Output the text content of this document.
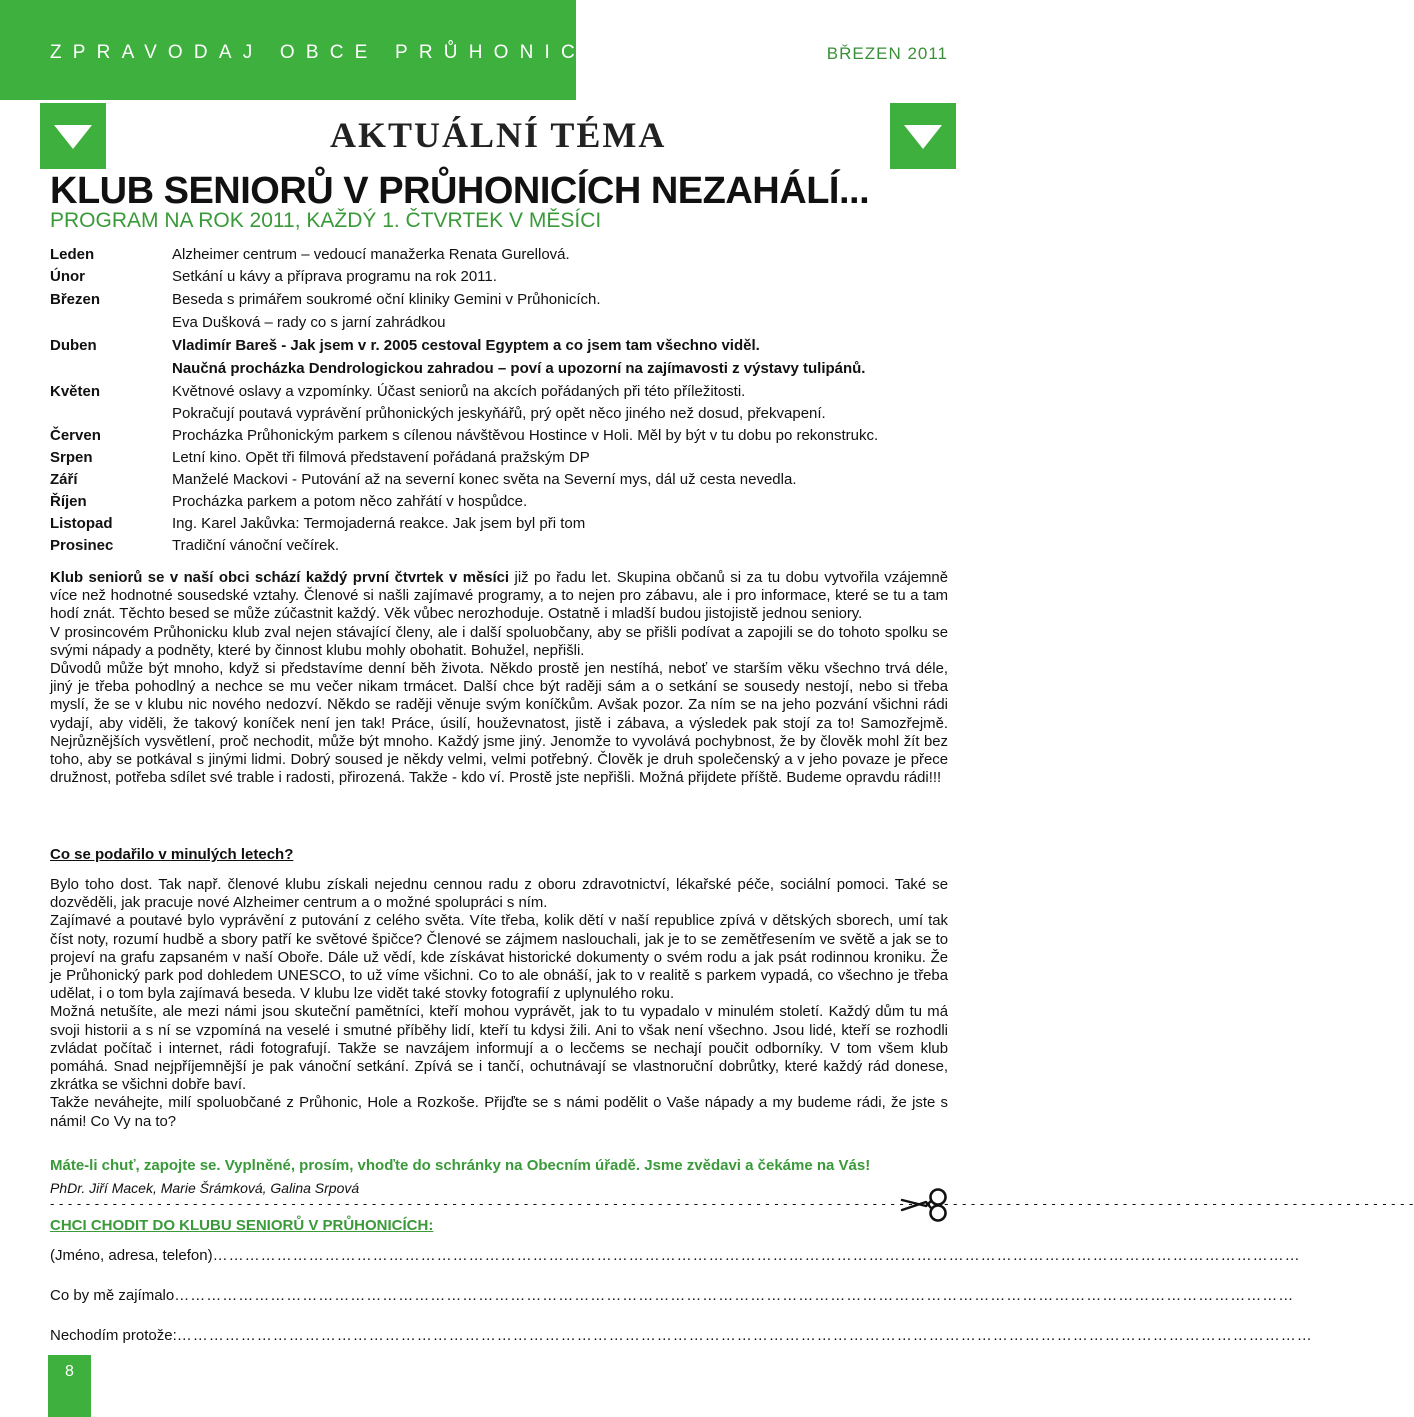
ZPRAVODAJ OBCE PRŮHONICE	BŘEZEN 2011
AKTUÁLNÍ TÉMA
KLUB SENIORŮ V PRŮHONICÍCH NEZAHÁLÍ...
PROGRAM NA ROK 2011, KAŽDÝ 1. ČTVRTEK V MĚSÍCI
Leden	Alzheimer centrum – vedoucí manažerka Renata Gurellová.
Únor	Setkání u kávy a příprava programu na rok 2011.
Březen	Beseda s primářem soukromé oční kliniky Gemini v Průhonicích.
Eva Dušková – rady co s jarní zahrádkou
Duben	Vladimír Bareš - Jak jsem v r. 2005 cestoval Egyptem a co jsem tam všechno viděl.
Naučná procházka Dendrologickou zahradou – poví a upozorní na zajímavosti z výstavy tulipánů.
Květen	Květnové oslavy a vzpomínky. Účast seniorů na akcích pořádaných při této příležitosti.
Pokračují poutavá vyprávění průhonických jeskyňářů, prý opět něco jiného než dosud, překvapení.
Červen	Procházka Průhonickým parkem s cílenou návštěvou Hostince v Holi. Měl by být v tu dobu po rekonstrukc.
Srpen	Letní kino. Opět tři filmová představení pořádaná pražským DP
Září	Manželé Mackovi - Putování až na severní konec světa na Severní mys, dál už cesta nevedla.
Říjen	Procházka parkem a potom něco zahřátí v hospůdce.
Listopad	Ing. Karel Jakůvka: Termojaderná reakce. Jak jsem byl při tom
Prosinec	Tradiční vánoční večírek.

Klub seniorů se v naší obci schází každý první čtvrtek v měsíci již po řadu let. Skupina občanů si za tu dobu vytvořila vzájemně více než hodnotné sousedské vztahy. Členové si našli zajímavé programy, a to nejen pro zábavu, ale i pro informace, které se tu a tam hodí znát. Těchto besed se může zúčastnit každý. Věk vůbec nerozhoduje. Ostatně i mladší budou jistojistě jednou seniory.

V prosincovém Průhonicku klub zval nejen stávající členy, ale i další spoluobčany, aby se přišli podívat a zapojili se do tohoto spolku se svými nápady a podněty, které by činnost klubu mohly obohatit. Bohužel, nepřišli.

Důvodů může být mnoho, když si představíme denní běh života. Někdo prostě jen nestíhá, neboť ve starším věku všechno trvá déle, jiný je třeba pohodlný a nechce se mu večer nikam trmácet. Další chce být raději sám a o setkání se sousedy nestojí, nebo si třeba myslí, že se v klubu nic nového nedozví. Někdo se raději věnuje svým koníčkům. Avšak pozor. Za ním se na jeho pozvání všichni rádi vydají, aby viděli, že takový koníček není jen tak! Práce, úsilí, houževnatost, jistě i zábava, a výsledek pak stojí za to! Samozřejmě. Nejrůznějších vysvětlení, proč nechodit, může být mnoho. Každý jsme jiný. Jenomže to vyvolává pochybnost, že by člověk mohl žít bez toho, aby se potkával s jinými lidmi. Dobrý soused je někdy velmi, velmi potřebný. Člověk je druh společenský a v jeho povaze je přece družnost, potřeba sdílet své trable i radosti, přirozená. Takže - kdo ví. Prostě jste nepřišli. Možná přijdete příště. Budeme opravdu rádi!!!

Co se podařilo v minulých letech?

Bylo toho dost. Tak např. členové klubu získali nejednu cennou radu z oboru zdravotnictví, lékařské péče, sociální pomoci. Také se dozvěděli, jak pracuje nové Alzheimer centrum a o možné spolupráci s ním.

Zajímavé a poutavé bylo vyprávění z putování z celého světa. Víte třeba, kolik dětí v naší republice zpívá v dětských sborech, umí tak číst noty, rozumí hudbě a sbory patří ke světové špičce? Členové se zájmem naslouchali, jak je to se zemětřesením ve světě a jak se to projeví na grafu zapsaném v naší Oboře. Dále už vědí, kde získávat historické dokumenty o svém rodu a jak psát rodinnou kroniku. Že je Průhonický park pod dohledem UNESCO, to už víme všichni. Co to ale obnáší, jak to v realitě s parkem vypadá, co všechno je třeba udělat, i o tom byla zajímavá beseda. V klubu lze vidět také stovky fotografií z uplynulého roku.

Možná netušíte, ale mezi námi jsou skuteční pamětníci, kteří mohou vyprávět, jak to tu vypadalo v minulém století. Každý dům tu má svoji historii a s ní se vzpomíná na veselé i smutné příběhy lidí, kteří tu kdysi žili. Ani to však není všechno. Jsou lidé, kteří se rozhodli zvládat počítač i internet, rádi fotografují. Takže se navzájem informují a o lecčems se nechají poučit odborníky. V tom všem klub pomáhá. Snad nejpříjemnější je pak vánoční setkání. Zpívá se i tančí, ochutnávají se vlastnoruční dobrůtky, které každý rád donese, zkrátka se všichni dobře baví.

Takže neváhejte, milí spoluobčané z Průhonic, Hole a Rozkoše. Přijďte se s námi podělit o Vaše nápady a my budeme rádi, že jste s námi! Co Vy na to?

Máte-li chuť, zapojte se. Vyplněné, prosím, vhoďte do schránky na Obecním úřadě. Jsme zvědavi a čekáme na Vás!
PhDr. Jiří Macek, Marie Šrámková, Galina Srpová
- - - - - - - - - - - - - - - - - - - - - - - - - - - - - - - - - - - - - - - - - - - - - - - - - - - - - - - - - - - - - - - - - - - - - - - - - - - - - - - - - - - - - - - - - - - - - - - - - - - - - - - - - - - - - - - - - - - - - - - - - - - - - - - - - - - - - - - - - - - - - - - - - - - - - - - - -
CHCI CHODIT DO KLUBU SENIORŮ V PRŮHONICÍCH:
(Jméno, adresa, telefon) ……………………………………………………………………………………………………………………………………………………………………………………
Co by mě zajímalo …………………………………………………………………………………………………………………………………………………………………………………………
Nechodím protože: ……………………………………………………………………………………………………………………………………………………………………………………………
8
